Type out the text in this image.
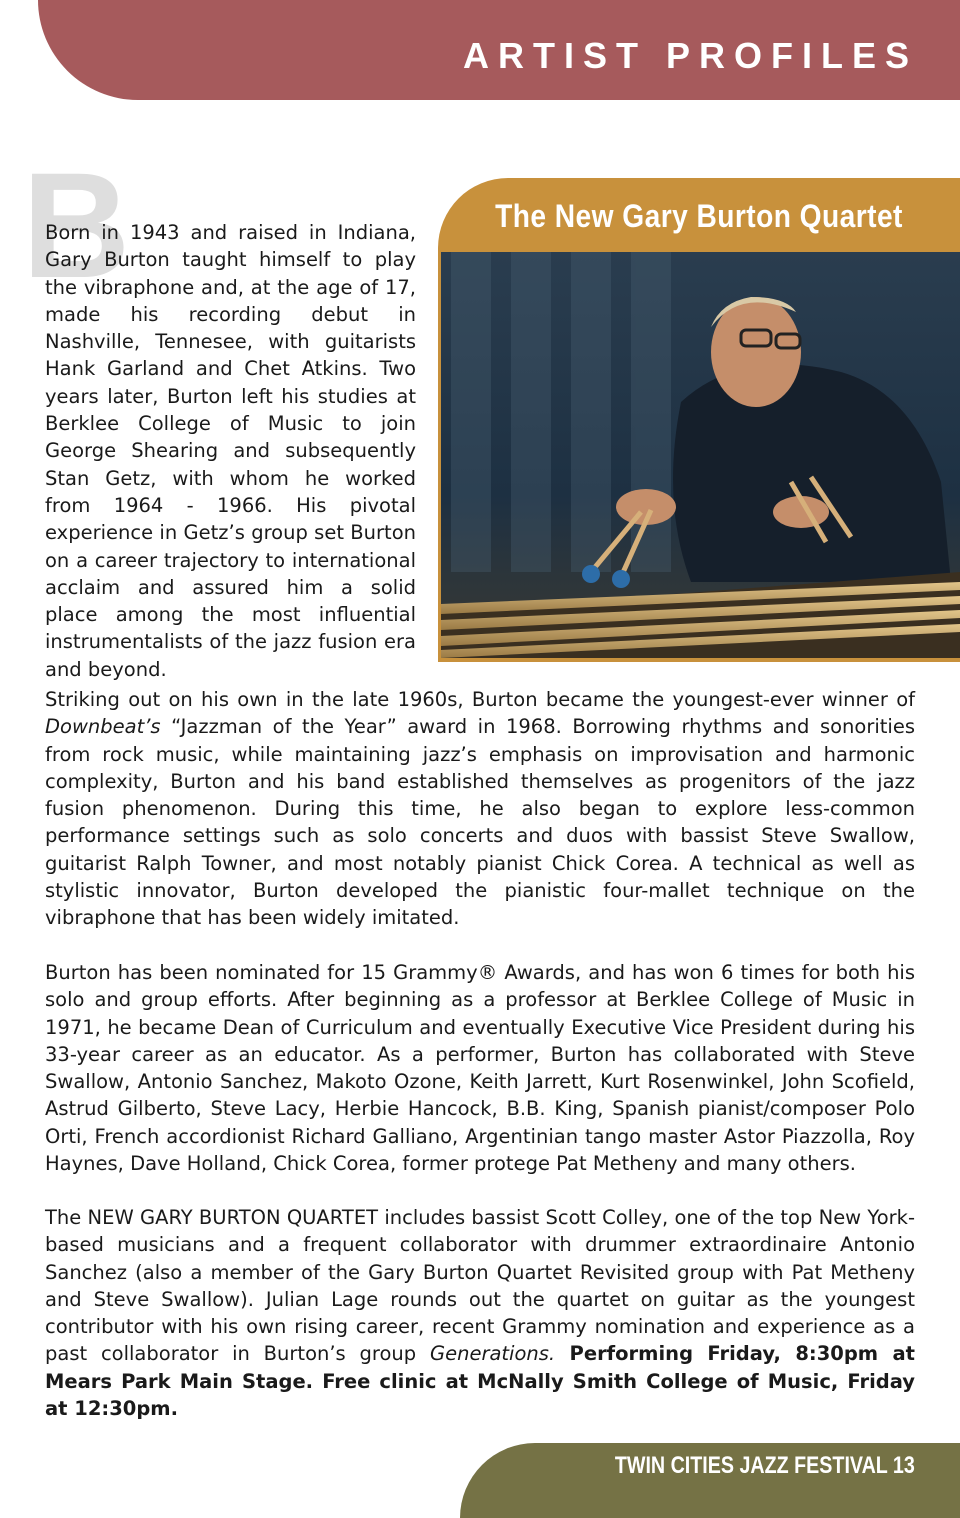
ARTIST PROFILES
B

Born in 1943 and raised in Indiana, Gary Burton taught himself to play the vibraphone and, at the age of 17, made his recording debut in Nashville, Tennesee, with guitarists Hank Garland and Chet Atkins. Two years later, Burton left his studies at Berklee College of Music to join George Shearing and subsequently Stan Getz, with whom he worked from 1964 - 1966. His pivotal experience in Getz’s group set Burton on a career trajectory to international acclaim and assured him a solid place among the most influential instrumentalists of the jazz fusion era and beyond.

The New Gary Burton Quartet

Striking out on his own in the late 1960s, Burton became the youngest-ever winner of Downbeat’s “Jazzman of the Year” award in 1968. Borrowing rhythms and sonorities from rock music, while maintaining jazz’s emphasis on improvisation and harmonic complexity, Burton and his band established themselves as progenitors of the jazz fusion phenomenon. During this time, he also began to explore less-common performance settings such as solo concerts and duos with bassist Steve Swallow, guitarist Ralph Towner, and most notably pianist Chick Corea. A technical as well as stylistic innovator, Burton developed the pianistic four-mallet technique on the vibraphone that has been widely imitated.

Burton has been nominated for 15 Grammy® Awards, and has won 6 times for both his solo and group efforts. After beginning as a professor at Berklee College of Music in 1971, he became Dean of Curriculum and eventually Executive Vice President during his 33-year career as an educator. As a performer, Burton has collaborated with Steve Swallow, Antonio Sanchez, Makoto Ozone, Keith Jarrett, Kurt Rosenwinkel, John Scofield, Astrud Gilberto, Steve Lacy, Herbie Hancock, B.B. King, Spanish pianist/composer Polo Orti, French accordionist Richard Galliano, Argentinian tango master Astor Piazzolla, Roy Haynes, Dave Holland, Chick Corea, former protege Pat Metheny and many others.

The NEW GARY BURTON QUARTET includes bassist Scott Colley, one of the top New York-based musicians and a frequent collaborator with drummer extraordinaire Antonio Sanchez (also a member of the Gary Burton Quartet Revisited group with Pat Metheny and Steve Swallow). Julian Lage rounds out the quartet on guitar as the youngest contributor with his own rising career, recent Grammy nomination and experience as a past collaborator in Burton’s group Generations. Performing Friday, 8:30pm at Mears Park Main Stage. Free clinic at McNally Smith College of Music, Friday at 12:30pm.

TWIN CITIES JAZZ FESTIVAL 13
